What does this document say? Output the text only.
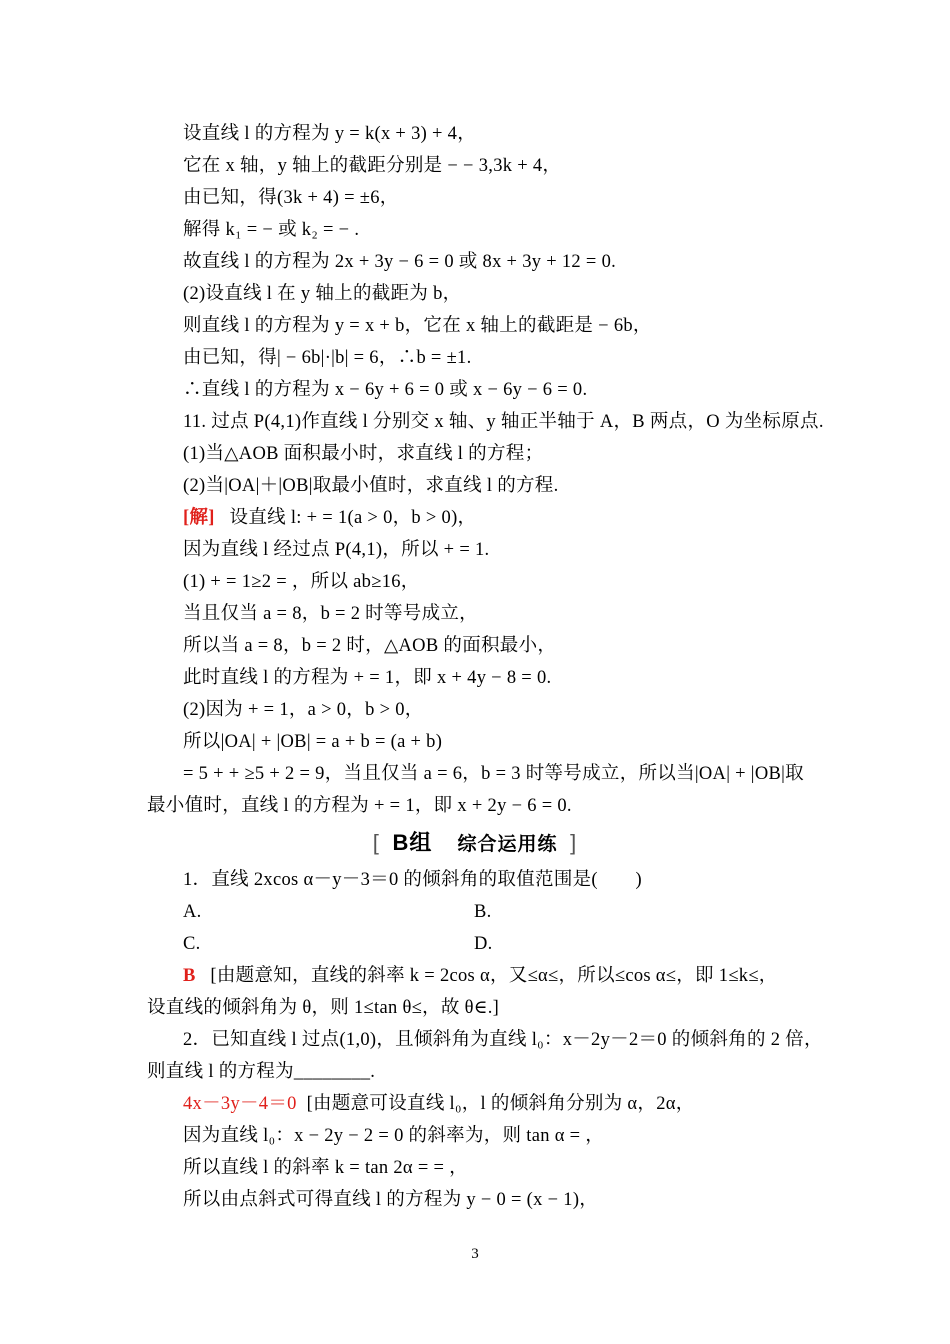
设直线 l 的方程为 y = k(x + 3) + 4，
它在 x 轴，y 轴上的截距分别是 − − 3,3k + 4，
由已知，得(3k + 4) = ±6，
解得 k₁ = − 或 k₂ = − .
故直线 l 的方程为 2x + 3y − 6 = 0 或 8x + 3y + 12 = 0.
(2)设直线 l 在 y 轴上的截距为 b，
则直线 l 的方程为 y = x + b，它在 x 轴上的截距是 − 6b，
由已知，得| − 6b|·|b| = 6，∴b = ±1.
∴直线 l 的方程为 x − 6y + 6 = 0 或 x − 6y − 6 = 0.
11. 过点 P(4,1)作直线 l 分别交 x 轴、y 轴正半轴于 A，B 两点，O 为坐标原点.
(1)当△AOB 面积最小时，求直线 l 的方程；
(2)当|OA|＋|OB|取最小值时，求直线 l 的方程.
[解] 设直线 l: + = 1(a > 0，b > 0)，
因为直线 l 经过点 P(4,1)，所以 + = 1.
(1) + = 1≥2 = ，所以 ab≥16，
当且仅当 a = 8，b = 2 时等号成立，
所以当 a = 8，b = 2 时，△AOB 的面积最小，
此时直线 l 的方程为 + = 1，即 x + 4y − 8 = 0.
(2)因为 + = 1，a > 0，b > 0，
所以|OA| + |OB| = a + b = (a + b)
= 5 + + ≥5 + 2 = 9，当且仅当 a = 6，b = 3 时等号成立，所以当|OA| + |OB|取
最小值时，直线 l 的方程为 + = 1，即 x + 2y − 6 = 0.
[ B组 综合运用练 ]
1．直线 2xcos α－y－3＝0 的倾斜角的取值范围是(　　)
A.	B.
C.	D.
B [由题意知，直线的斜率 k = 2cos α，又≤α≤，所以≤cos α≤，即 1≤k≤，
设直线的倾斜角为 θ，则 1≤tan θ≤，故 θ∈.]
2．已知直线 l 过点(1,0)，且倾斜角为直线 l₀：x－2y－2＝0 的倾斜角的 2 倍，
则直线 l 的方程为________.
4x－3y－4＝0 [由题意可设直线 l₀，l 的倾斜角分别为 α，2α，
因为直线 l₀：x − 2y − 2 = 0 的斜率为，则 tan α = ，
所以直线 l 的斜率 k = tan 2α = = ，
所以由点斜式可得直线 l 的方程为 y − 0 = (x − 1)，
3
